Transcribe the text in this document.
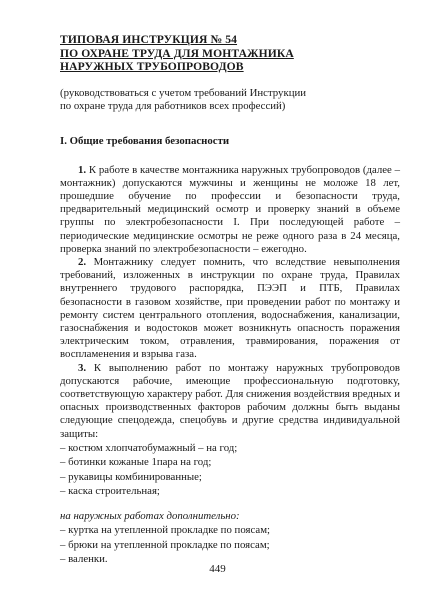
ТИПОВАЯ ИНСТРУКЦИЯ № 54
ПО ОХРАНЕ ТРУДА ДЛЯ МОНТАЖНИКА
НАРУЖНЫХ ТРУБОПРОВОДОВ
(руководствоваться с учетом требований Инструкции
по охране труда для работников всех профессий)
I. Общие требования безопасности
1. К работе в качестве монтажника наружных трубопроводов (далее – монтажник) допускаются мужчины и женщины не моложе 18 лет, прошедшие обучение по профессии и безопасности труда, предварительный медицинский осмотр и проверку знаний в объеме группы по электробезопасности I. При последующей работе – периодические медицинские осмотры не реже одного раза в 24 месяца, проверка знаний по электробезопасности – ежегодно.
2. Монтажнику следует помнить, что вследствие невыполнения требований, изложенных в инструкции по охране труда, Правилах внутреннего трудового распорядка, ПЭЭП и ПТБ, Правилах безопасности в газовом хозяйстве, при проведении работ по монтажу и ремонту систем центрального отопления, водоснабжения, канализации, газоснабжения и водостоков может возникнуть опасность поражения электрическим током, отравления, травмирования, поражения от воспламенения и взрыва газа.
3. К выполнению работ по монтажу наружных трубопроводов допускаются рабочие, имеющие профессиональную подготовку, соответствующую характеру работ. Для снижения воздействия вредных и опасных производственных факторов рабочим должны быть выданы следующие спецодежда, спецобувь и другие средства индивидуальной защиты:
– костюм хлопчатобумажный – на год;
– ботинки кожаные 1пара на год;
– рукавицы комбинированные;
– каска строительная;
на наружных работах дополнительно:
– куртка на утепленной прокладке по поясам;
– брюки на утепленной прокладке по поясам;
– валенки.
449
